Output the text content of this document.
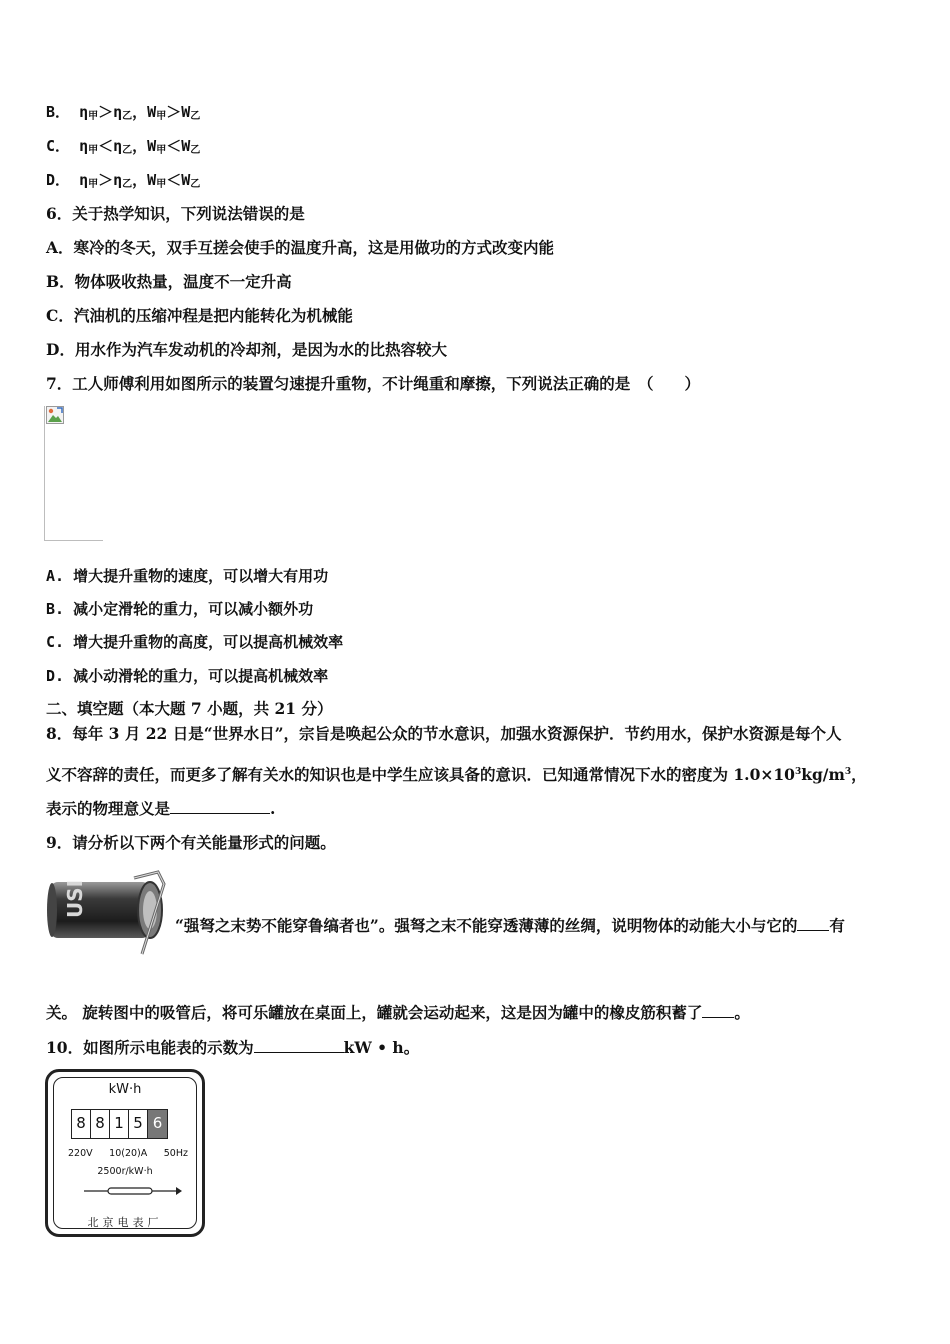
B． $\eta_甲>\eta_乙$，$W_甲>W_乙$
C． $\eta_甲<\eta_乙$，$W_甲<W_乙$
D． $\eta_甲>\eta_乙$，$W_甲<W_乙$
6．关于热学知识，下列说法错误的是
A．寒冷的冬天，双手互搓会使手的温度升高，这是用做功的方式改变内能
B．物体吸收热量，温度不一定升高
C．汽油机的压缩冲程是把内能转化为机械能
D．用水作为汽车发动机的冷却剂，是因为水的比热容较大
7．工人师傅利用如图所示的装置匀速提升重物，不计绳重和摩擦，下列说法正确的是　（　　）
A. 增大提升重物的速度，可以增大有用功
B. 减小定滑轮的重力，可以减小额外功
C. 增大提升重物的高度，可以提高机械效率
D. 减小动滑轮的重力，可以提高机械效率
二、填空题（本大题 7 小题，共 21 分）
8．每年 3 月 22 日是“世界水日”，宗旨是唤起公众的节水意识，加强水资源保护．节约用水，保护水资源是每个人
义不容辞的责任，而更多了解有关水的知识也是中学生应该具备的意识．已知通常情况下水的密度为 $1.0\times 10^3kg/m^3$，
表示的物理意义是	.
9．请分析以下两个有关能量形式的问题。
USI
“强弩之末势不能穿鲁缟者也”。强弩之末不能穿透薄薄的丝绸，说明物体的动能大小与它的 有
关。 旋转图中的吸管后，将可乐罐放在桌面上，罐就会运动起来，这是因为罐中的橡皮筋积蓄了 。
10．如图所示电能表的示数为	kW • h。
kW·h
8 8 1 5 6
220V 10(20)A 50Hz
2500r/kW·h
北京电表厂
